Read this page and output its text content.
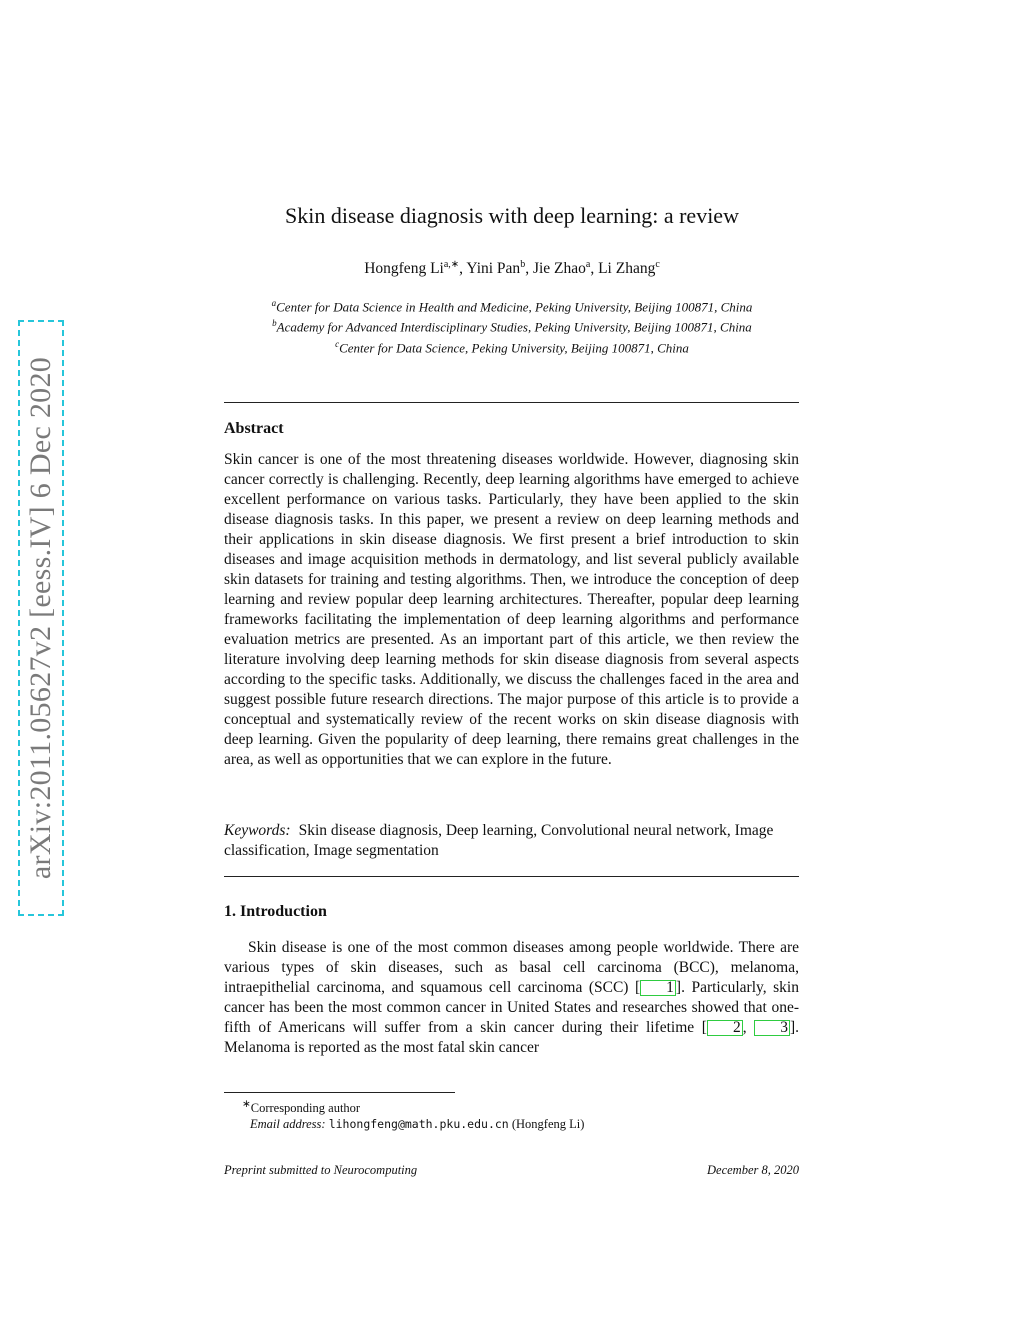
arXiv:2011.05627v2 [eess.IV] 6 Dec 2020
Skin disease diagnosis with deep learning: a review
Hongfeng $Li^{a,∗}$, Yini Pan$^b$, Jie Zhao$^a$, Li Zhang$^c$
$^a$Center for Data Science in Health and Medicine, Peking University, Beijing 100871, China
$^b$Academy for Advanced Interdisciplinary Studies, Peking University, Beijing 100871, China
$^c$Center for Data Science, Peking University, Beijing 100871, China
Abstract
Skin cancer is one of the most threatening diseases worldwide. However, diagnosing skin cancer correctly is challenging. Recently, deep learning algorithms have emerged to achieve excellent performance on various tasks. Particularly, they have been applied to the skin disease diagnosis tasks. In this paper, we present a review on deep learning methods and their applications in skin disease diagnosis. We first present a brief introduction to skin diseases and image acquisition methods in dermatology, and list several publicly available skin datasets for training and testing algorithms. Then, we introduce the conception of deep learning and review popular deep learning architectures. Thereafter, popular deep learning frameworks facilitating the implementation of deep learning algorithms and performance evaluation metrics are presented. As an important part of this article, we then review the literature involving deep learning methods for skin disease diagnosis from several aspects according to the specific tasks. Additionally, we discuss the challenges faced in the area and suggest possible future research directions. The major purpose of this article is to provide a conceptual and systematically review of the recent works on skin disease diagnosis with deep learning. Given the popularity of deep learning, there remains great challenges in the area, as well as opportunities that we can explore in the future.
Keywords: Skin disease diagnosis, Deep learning, Convolutional neural network, Image classification, Image segmentation
1. Introduction
Skin disease is one of the most common diseases among people worldwide. There are various types of skin diseases, such as basal cell carcinoma (BCC), melanoma, intraepithelial carcinoma, and squamous cell carcinoma (SCC) [ 1 ]. Particularly, skin cancer has been the most common cancer in United States and researches showed that one-fifth of Americans will suffer from a skin cancer during their lifetime [ 2 , 3 ]. Melanoma is reported as the most fatal skin cancer
∗Corresponding author
Email address: lihongfeng@math.pku.edu.cn (Hongfeng Li)
Preprint submitted to Neurocomputing	December 8, 2020
